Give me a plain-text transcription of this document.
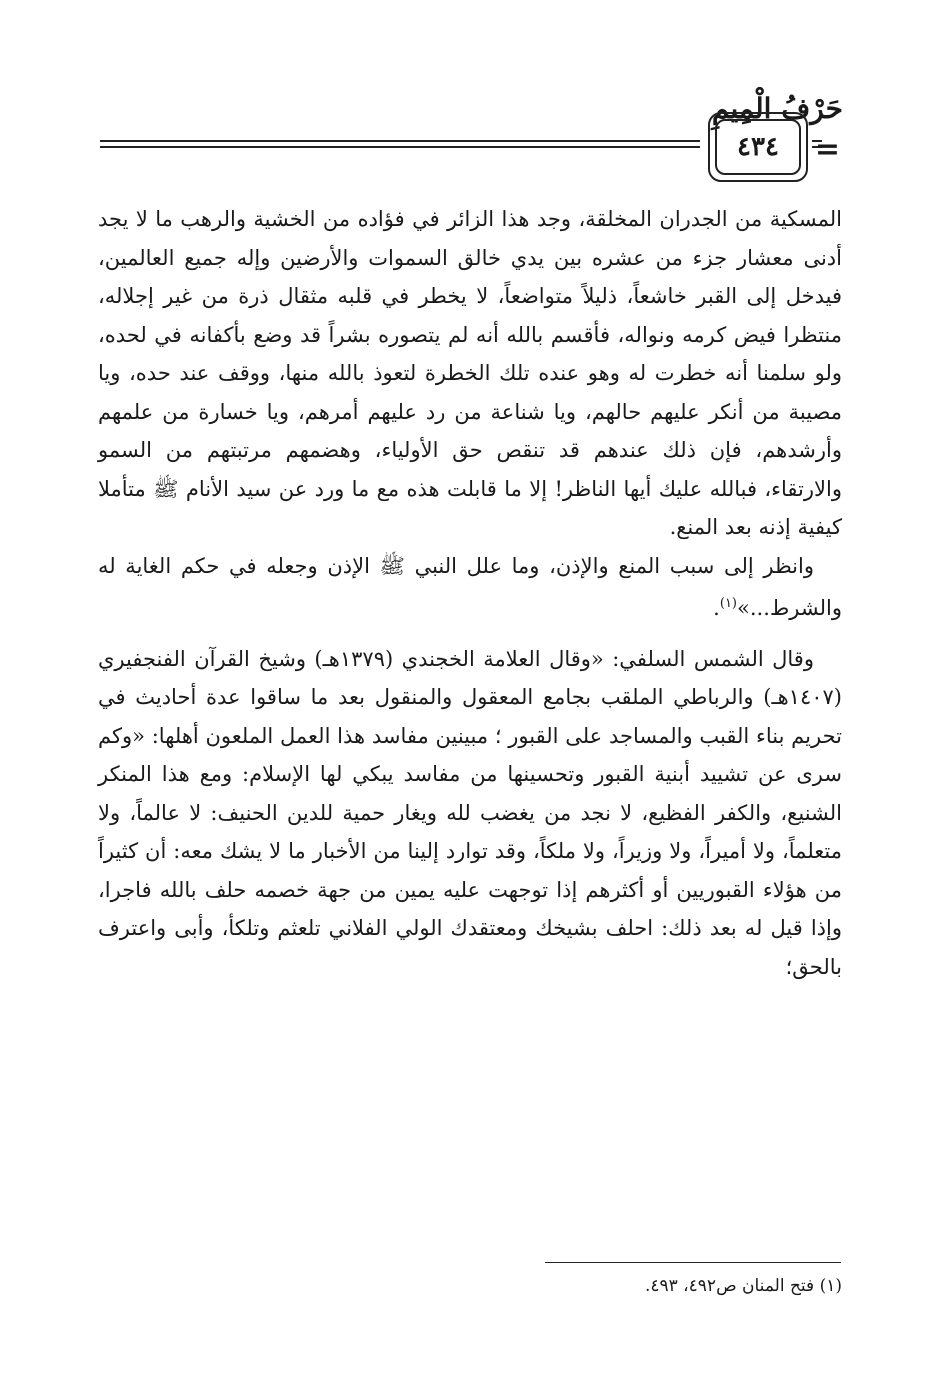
حَرْفُ الْمِيمِ
٤٣٤	=

المسكية من الجدران المخلقة، وجد هذا الزائر في فؤاده من الخشية والرهب ما لا يجد أدنى معشار جزء من عشره بين يدي خالق السموات والأرضين وإله جميع العالمين، فيدخل إلى القبر خاشعاً، ذليلاً متواضعاً، لا يخطر في قلبه مثقال ذرة من غير إجلاله، منتظرا فيض كرمه ونواله، فأقسم بالله أنه لم يتصوره بشراً قد وضع بأكفانه في لحده، ولو سلمنا أنه خطرت له وهو عنده تلك الخطرة لتعوذ بالله منها، ووقف عند حده، ويا مصيبة من أنكر عليهم حالهم، ويا شناعة من رد عليهم أمرهم، ويا خسارة من علمهم وأرشدهم، فإن ذلك عندهم قد تنقص حق الأولياء، وهضمهم مرتبتهم من السمو والارتقاء، فبالله عليك أيها الناظر! إلا ما قابلت هذه مع ما ورد عن سيد الأنام ﷺ متأملا كيفية إذنه بعد المنع.

وانظر إلى سبب المنع والإذن، وما علل النبي ﷺ الإذن وجعله في حكم الغاية له والشرط...»$^{(١)}$.

وقال الشمس السلفي: «وقال العلامة الخجندي (١٣٧٩هـ) وشيخ القرآن الفنجفيري (١٤٠٧هـ) والرباطي الملقب بجامع المعقول والمنقول بعد ما ساقوا عدة أحاديث في تحريم بناء القبب والمساجد على القبور ؛ مبينين مفاسد هذا العمل الملعون أهلها: «وكم سرى عن تشييد أبنية القبور وتحسينها من مفاسد يبكي لها الإسلام: ومع هذا المنكر الشنيع، والكفر الفظيع، لا نجد من يغضب لله ويغار حمية للدين الحنيف: لا عالماً، ولا متعلماً، ولا أميراً، ولا وزيراً، ولا ملكاً، وقد توارد إلينا من الأخبار ما لا يشك معه: أن كثيراً من هؤلاء القبوريين أو أكثرهم إذا توجهت عليه يمين من جهة خصمه حلف بالله فاجرا، وإذا قيل له بعد ذلك: احلف بشيخك ومعتقدك الولي الفلاني تلعثم وتلكأ، وأبى واعترف بالحق؛

(١) فتح المنان ص٤٩٢، ٤٩٣.
